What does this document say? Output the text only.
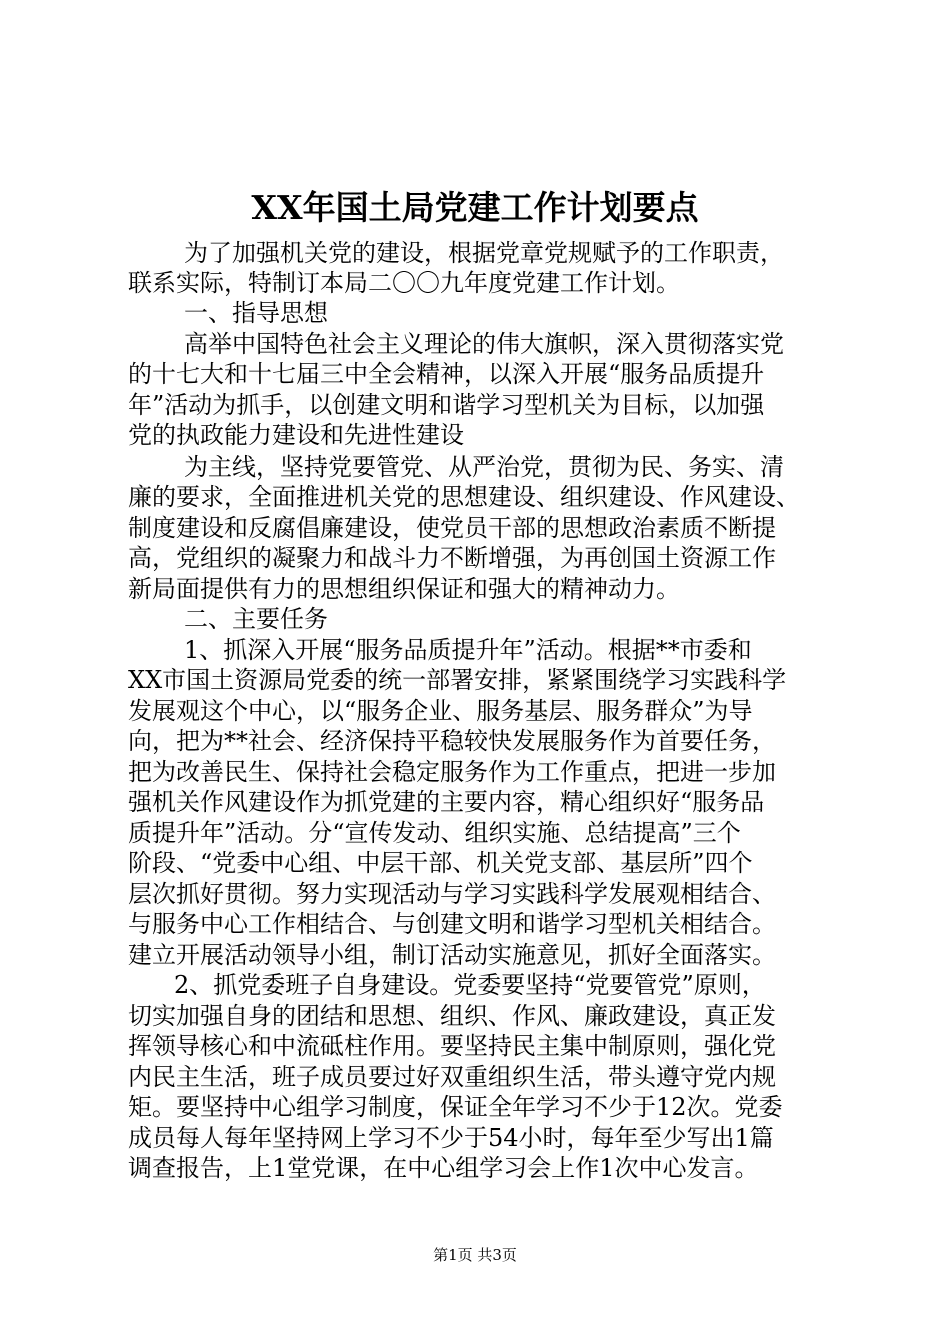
XX年国土局党建工作计划要点
为了加强机关党的建设，根据党章党规赋予的工作职责，
联系实际，特制订本局二〇〇九年度党建工作计划。
一、指导思想
高举中国特色社会主义理论的伟大旗帜，深入贯彻落实党
的十七大和十七届三中全会精神，以深入开展“服务品质提升
年”活动为抓手，以创建文明和谐学习型机关为目标，以加强
党的执政能力建设和先进性建设
为主线，坚持党要管党、从严治党，贯彻为民、务实、清
廉的要求，全面推进机关党的思想建设、组织建设、作风建设、
制度建设和反腐倡廉建设，使党员干部的思想政治素质不断提
高，党组织的凝聚力和战斗力不断增强，为再创国土资源工作
新局面提供有力的思想组织保证和强大的精神动力。
二、主要任务
1、抓深入开展“服务品质提升年”活动。根据**市委和
XX市国土资源局党委的统一部署安排，紧紧围绕学习实践科学
发展观这个中心，以“服务企业、服务基层、服务群众”为导
向，把为**社会、经济保持平稳较快发展服务作为首要任务，
把为改善民生、保持社会稳定服务作为工作重点，把进一步加
强机关作风建设作为抓党建的主要内容，精心组织好“服务品
质提升年”活动。分“宣传发动、组织实施、总结提高”三个
阶段、“党委中心组、中层干部、机关党支部、基层所”四个
层次抓好贯彻。努力实现活动与学习实践科学发展观相结合、
与服务中心工作相结合、与创建文明和谐学习型机关相结合。
建立开展活动领导小组，制订活动实施意见，抓好全面落实。
2、抓党委班子自身建设。党委要坚持“党要管党”原则，
切实加强自身的团结和思想、组织、作风、廉政建设，真正发
挥领导核心和中流砥柱作用。要坚持民主集中制原则，强化党
内民主生活，班子成员要过好双重组织生活，带头遵守党内规
矩。要坚持中心组学习制度，保证全年学习不少于12次。党委
成员每人每年坚持网上学习不少于54小时，每年至少写出1篇
调查报告，上1堂党课，在中心组学习会上作1次中心发言。
第1页 共3页
